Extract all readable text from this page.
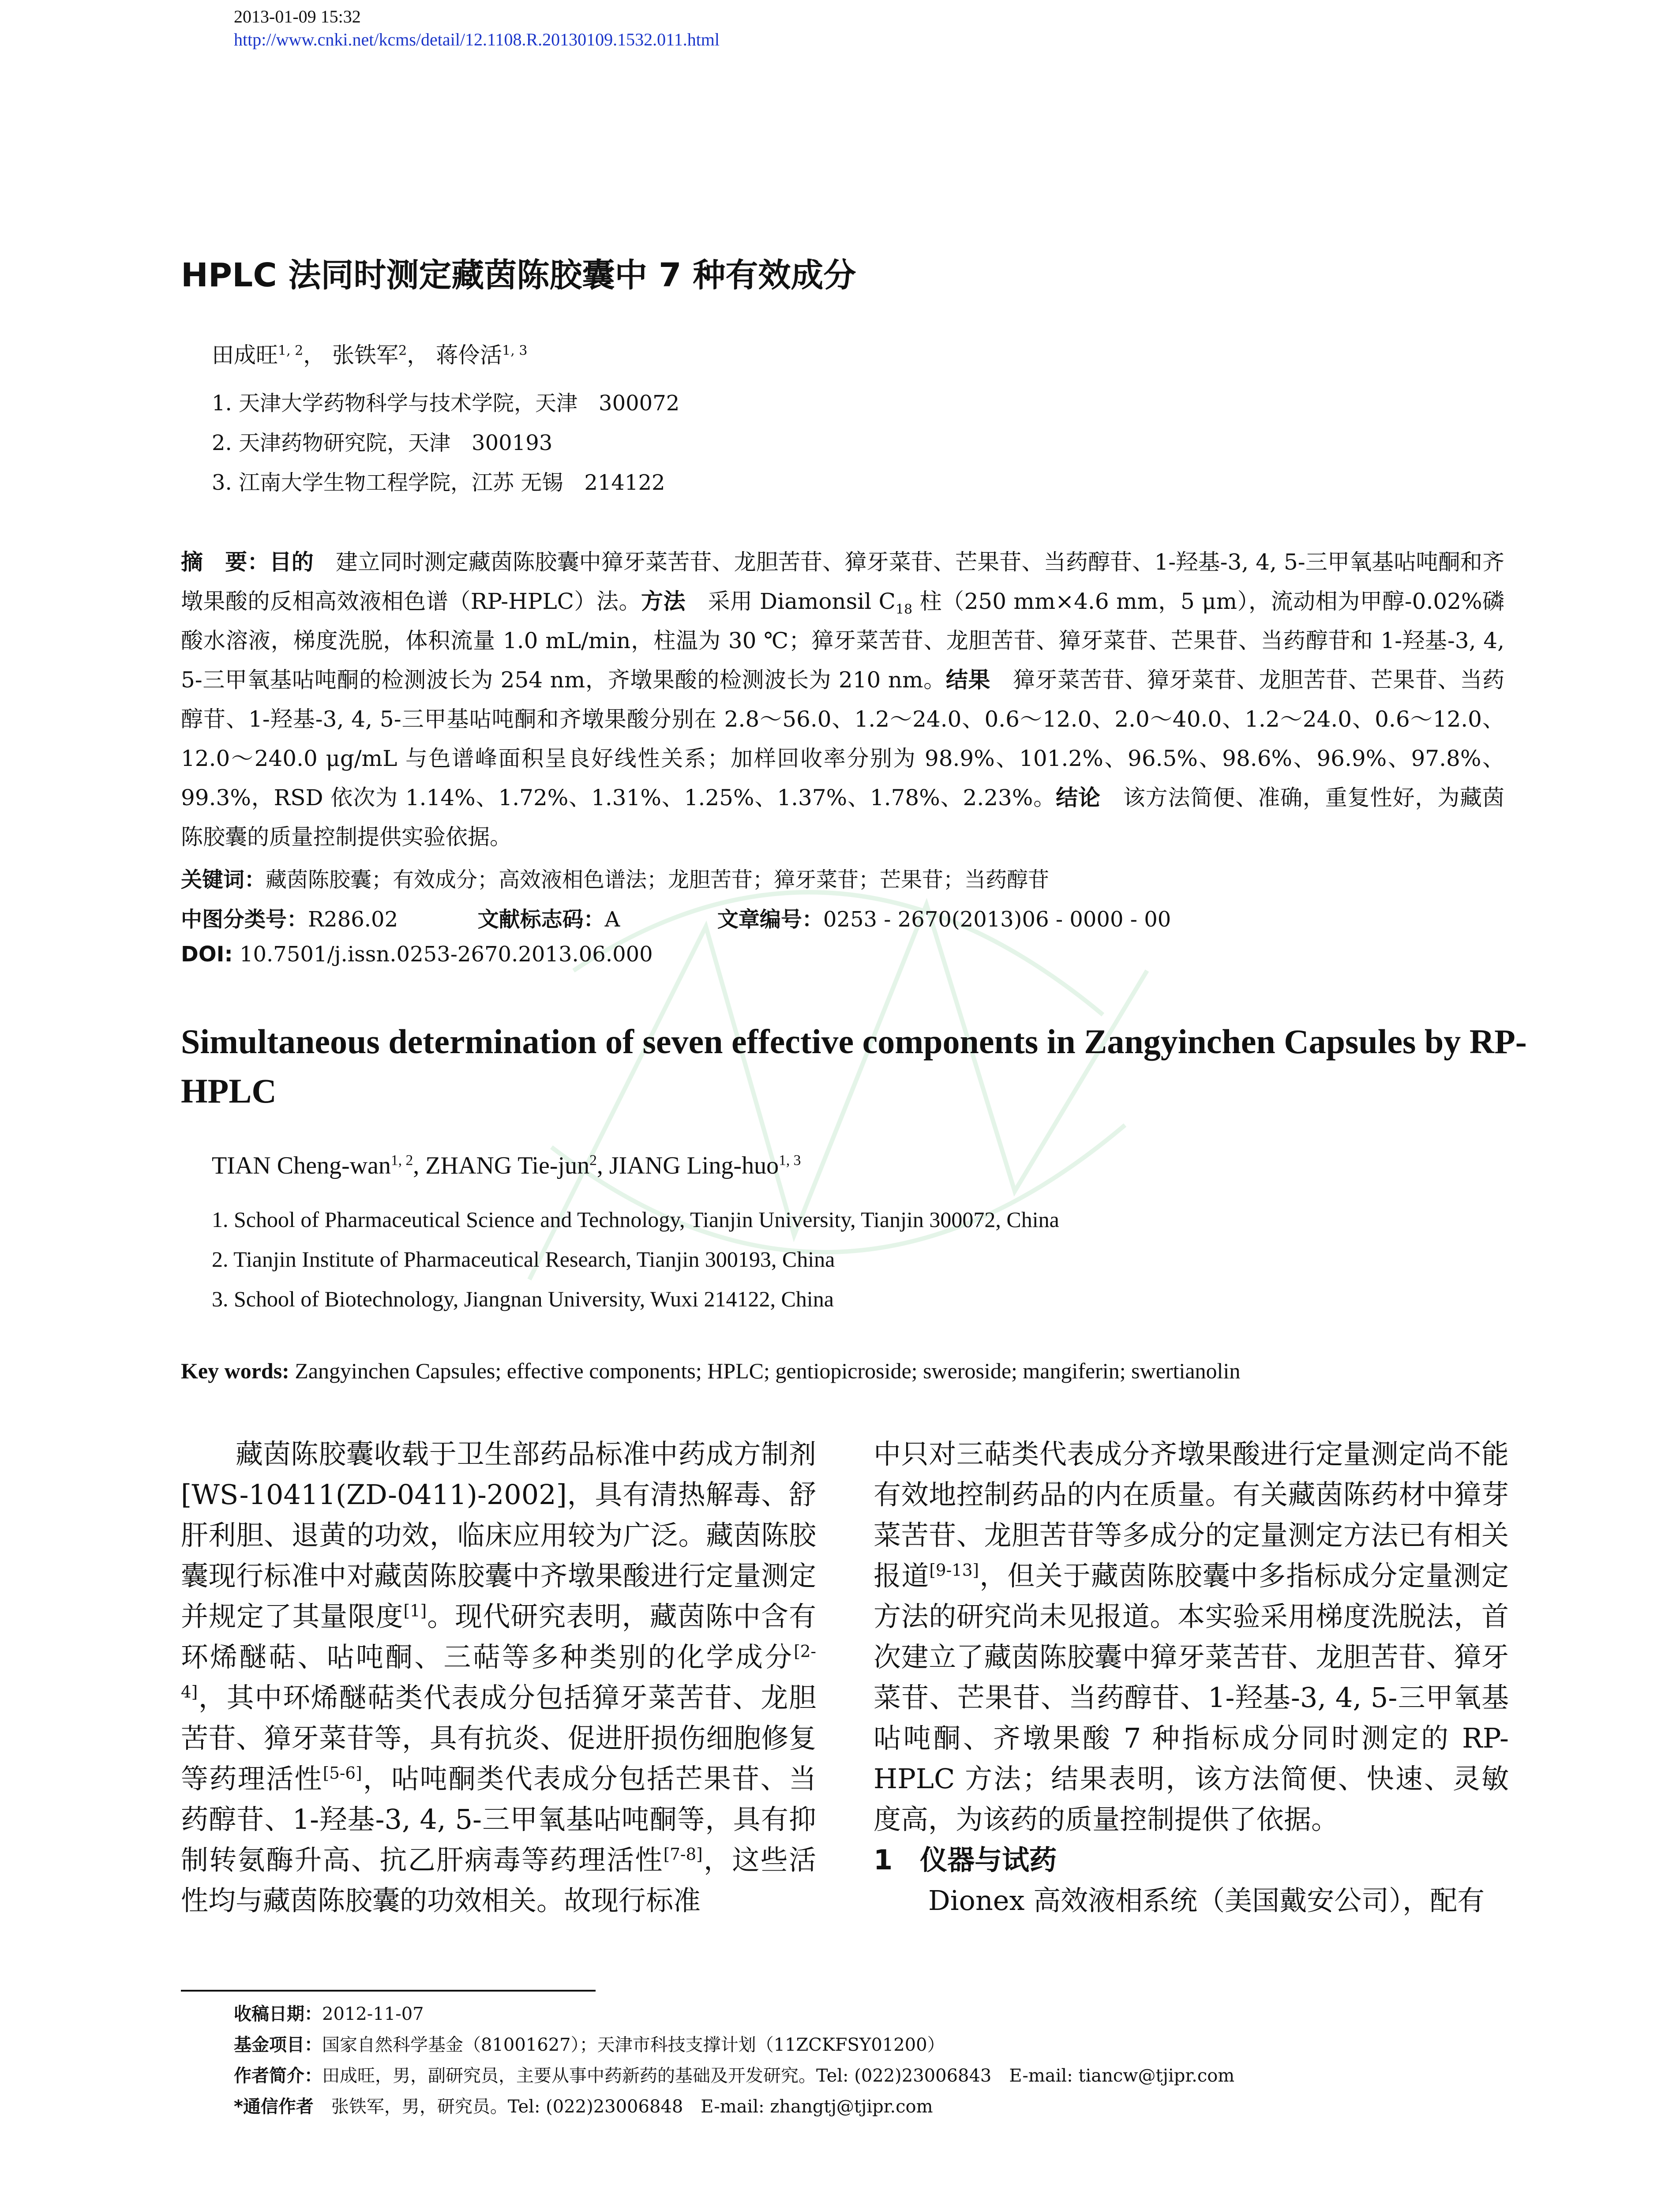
2013-01-09 15:32
http://www.cnki.net/kcms/detail/12.1108.R.20130109.1532.011.html
HPLC 法同时测定藏茵陈胶囊中 7 种有效成分
田成旺$^{1, 2}$， 张铁军$^2$， 蒋伶活$^{1, 3}$
1. 天津大学药物科学与技术学院，天津　300072
2. 天津药物研究院，天津　300193
3. 江南大学生物工程学院，江苏 无锡　214122
摘　要：目的　建立同时测定藏茵陈胶囊中獐牙菜苦苷、龙胆苦苷、獐牙菜苷、芒果苷、当药醇苷、1-羟基-3, 4, 5-三甲氧基呫吨酮和齐墩果酸的反相高效液相色谱（RP-HPLC）法。方法　采用 Diamonsil $C_{18}$ 柱（250 mm×4.6 mm，5 μm），流动相为甲醇-0.02%磷酸水溶液，梯度洗脱，体积流量 1.0 mL/min，柱温为 30 ℃；獐牙菜苦苷、龙胆苦苷、獐牙菜苷、芒果苷、当药醇苷和 1-羟基-3, 4, 5-三甲氧基呫吨酮的检测波长为 254 nm，齐墩果酸的检测波长为 210 nm。结果　獐牙菜苦苷、獐牙菜苷、龙胆苦苷、芒果苷、当药醇苷、1-羟基-3, 4, 5-三甲基呫吨酮和齐墩果酸分别在 2.8～56.0、1.2～24.0、0.6～12.0、2.0～40.0、1.2～24.0、0.6～12.0、12.0～240.0 μg/mL 与色谱峰面积呈良好线性关系；加样回收率分别为 98.9%、101.2%、96.5%、98.6%、96.9%、97.8%、99.3%，RSD 依次为 1.14%、1.72%、1.31%、1.25%、1.37%、1.78%、2.23%。结论　该方法简便、准确，重复性好，为藏茵陈胶囊的质量控制提供实验依据。
关键词：藏茵陈胶囊；有效成分；高效液相色谱法；龙胆苦苷；獐牙菜苷；芒果苷；当药醇苷
中图分类号：R286.02	文献标志码：A	文章编号：0253 - 2670(2013)06 - 0000 - 00
DOI: 10.7501/j.issn.0253-2670.2013.06.000
Simultaneous determination of seven effective components in Zangyinchen Capsules by RP-HPLC
TIAN Cheng-wan$^{1, 2}$, ZHANG Tie-jun$^2$, JIANG Ling-huo$^{1, 3}$
1. School of Pharmaceutical Science and Technology, Tianjin University, Tianjin 300072, China
2. Tianjin Institute of Pharmaceutical Research, Tianjin 300193, China
3. School of Biotechnology, Jiangnan University, Wuxi 214122, China
Key words: Zangyinchen Capsules; effective components; HPLC; gentiopicroside; sweroside; mangiferin; swertianolin

藏茵陈胶囊收载于卫生部药品标准中药成方制剂 [WS-10411(ZD-0411)-2002]，具有清热解毒、舒肝利胆、退黄的功效，临床应用较为广泛。藏茵陈胶囊现行标准中对藏茵陈胶囊中齐墩果酸进行定量测定并规定了其量限度[1]。现代研究表明，藏茵陈中含有环烯醚萜、呫吨酮、三萜等多种类别的化学成分[2-4]，其中环烯醚萜类代表成分包括獐牙菜苦苷、龙胆苦苷、獐牙菜苷等，具有抗炎、促进肝损伤细胞修复等药理活性[5-6]，呫吨酮类代表成分包括芒果苷、当药醇苷、1-羟基-3, 4, 5-三甲氧基呫吨酮等，具有抑制转氨酶升高、抗乙肝病毒等药理活性[7-8]，这些活性均与藏茵陈胶囊的功效相关。故现行标准

中只对三萜类代表成分齐墩果酸进行定量测定尚不能有效地控制药品的内在质量。有关藏茵陈药材中獐芽菜苦苷、龙胆苦苷等多成分的定量测定方法已有相关报道[9-13]，但关于藏茵陈胶囊中多指标成分定量测定方法的研究尚未见报道。本实验采用梯度洗脱法，首次建立了藏茵陈胶囊中獐牙菜苦苷、龙胆苦苷、獐牙菜苷、芒果苷、当药醇苷、1-羟基-3, 4, 5-三甲氧基呫吨酮、齐墩果酸 7 种指标成分同时测定的 RP-HPLC 方法；结果表明，该方法简便、快速、灵敏度高，为该药的质量控制提供了依据。

1　仪器与试药

Dionex 高效液相系统（美国戴安公司），配有

收稿日期：2012-11-07
基金项目：国家自然科学基金（81001627）；天津市科技支撑计划（11ZCKFSY01200）
作者简介：田成旺，男，副研究员，主要从事中药新药的基础及开发研究。Tel: (022)23006843　E-mail: tiancw@tjipr.com
*通信作者　张铁军，男，研究员。Tel: (022)23006848　E-mail: zhangtj@tjipr.com
